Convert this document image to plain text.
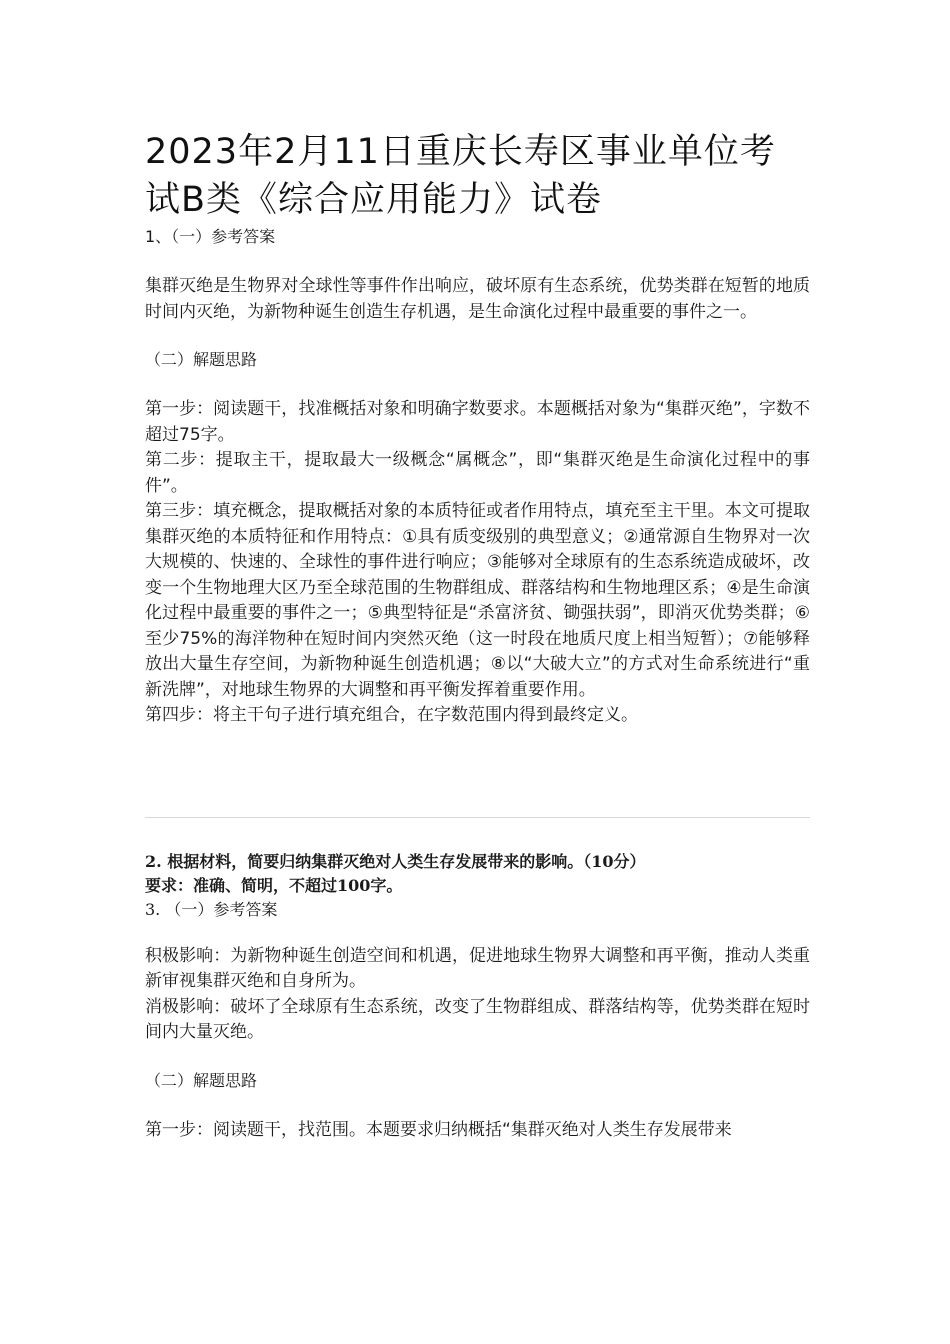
2023年2月11日重庆长寿区事业单位考试B类《综合应用能力》试卷

1、（一）参考答案

集群灭绝是生物界对全球性等事件作出响应，破坏原有生态系统，优势类群在短暂的地质时间内灭绝，为新物种诞生创造生存机遇，是生命演化过程中最重要的事件之一。

（二）解题思路

第一步：阅读题干，找准概括对象和明确字数要求。本题概括对象为“集群灭绝”，字数不超过75字。

第二步：提取主干，提取最大一级概念“属概念”，即“集群灭绝是生命演化过程中的事件”。

第三步：填充概念，提取概括对象的本质特征或者作用特点，填充至主干里。本文可提取集群灭绝的本质特征和作用特点：①具有质变级别的典型意义；②通常源自生物界对一次大规模的、快速的、全球性的事件进行响应；③能够对全球原有的生态系统造成破坏，改变一个生物地理大区乃至全球范围的生物群组成、群落结构和生物地理区系；④是生命演化过程中最重要的事件之一；⑤典型特征是“杀富济贫、锄强扶弱”，即消灭优势类群；⑥至少75%的海洋物种在短时间内突然灭绝（这一时段在地质尺度上相当短暂）；⑦能够释放出大量生存空间，为新物种诞生创造机遇；⑧以“大破大立”的方式对生命系统进行“重新洗牌”，对地球生物界的大调整和再平衡发挥着重要作用。

第四步：将主干句子进行填充组合，在字数范围内得到最终定义。

2. 根据材料，简要归纳集群灭绝对人类生存发展带来的影响。（10分）

要求：准确、简明，不超过100字。

3. （一）参考答案

积极影响：为新物种诞生创造空间和机遇，促进地球生物界大调整和再平衡，推动人类重新审视集群灭绝和自身所为。

消极影响：破坏了全球原有生态系统，改变了生物群组成、群落结构等，优势类群在短时间内大量灭绝。

（二）解题思路

第一步：阅读题干，找范围。本题要求归纳概括“集群灭绝对人类生存发展带来
